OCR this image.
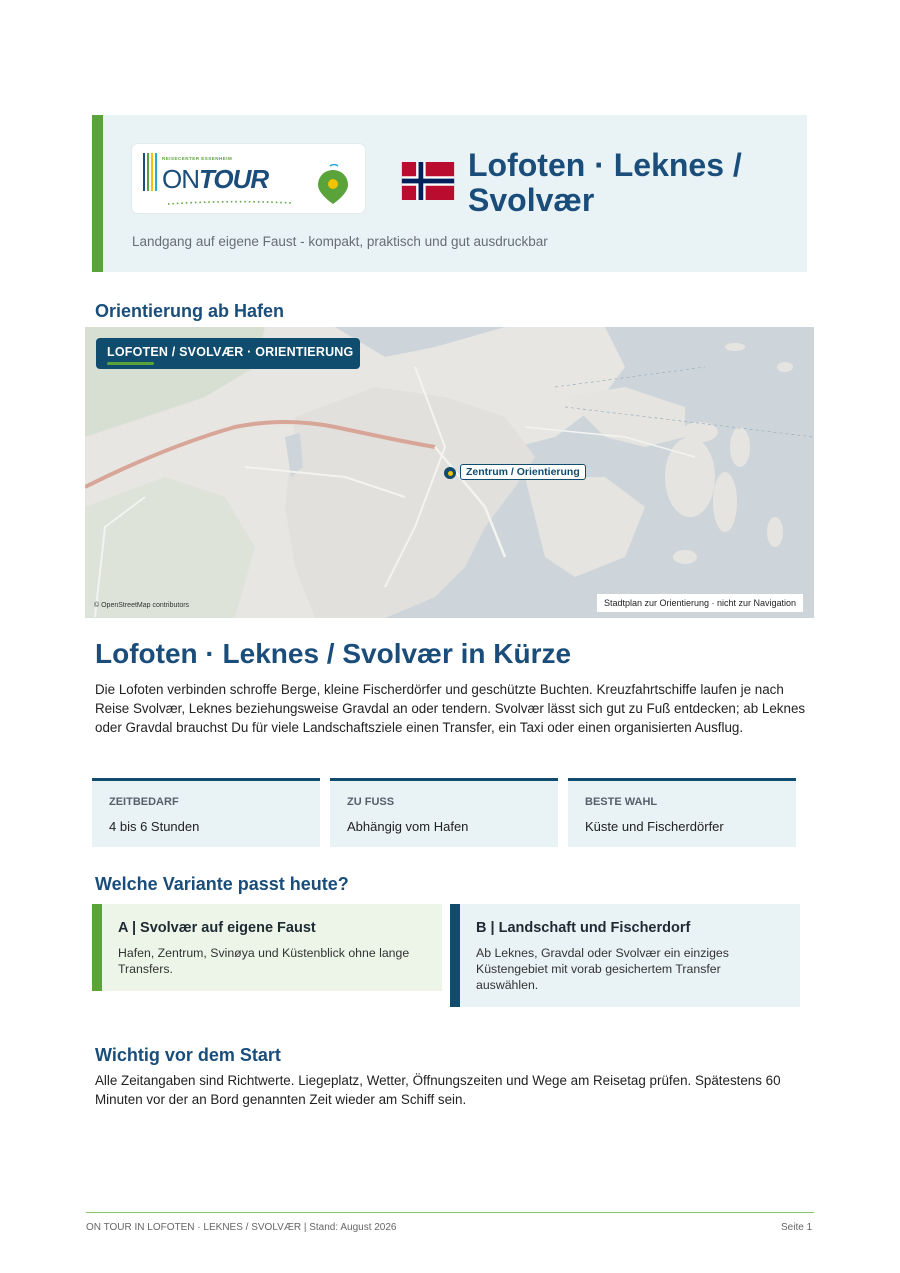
REISECENTER ESSENHEIM
ONTOUR	Lofoten · Leknes / Svolvær
Landgang auf eigene Faust - kompakt, praktisch und gut ausdruckbar
Orientierung ab Hafen
LOFOTEN / SVOLVÆR · ORIENTIERUNG
Zentrum / Orientierung
© OpenStreetMap contributors	Stadtplan zur Orientierung · nicht zur Navigation
Lofoten · Leknes / Svolvær in Kürze
Die Lofoten verbinden schroffe Berge, kleine Fischerdörfer und geschützte Buchten. Kreuzfahrtschiffe laufen je nach Reise Svolvær, Leknes beziehungsweise Gravdal an oder tendern. Svolvær lässt sich gut zu Fuß entdecken; ab Leknes oder Gravdal brauchst Du für viele Landschaftsziele einen Transfer, ein Taxi oder einen organisierten Ausflug.
ZEITBEDARF
4 bis 6 Stunden
ZU FUSS
Abhängig vom Hafen
BESTE WAHL
Küste und Fischerdörfer
Welche Variante passt heute?
A | Svolvær auf eigene Faust
Hafen, Zentrum, Svinøya und Küstenblick ohne lange Transfers.
B | Landschaft und Fischerdorf
Ab Leknes, Gravdal oder Svolvær ein einziges Küstengebiet mit vorab gesichertem Transfer auswählen.
Wichtig vor dem Start
Alle Zeitangaben sind Richtwerte. Liegeplatz, Wetter, Öffnungszeiten und Wege am Reisetag prüfen. Spätestens 60 Minuten vor der an Bord genannten Zeit wieder am Schiff sein.
ON TOUR IN LOFOTEN · LEKNES / SVOLVÆR | Stand: August 2026	Seite 1
